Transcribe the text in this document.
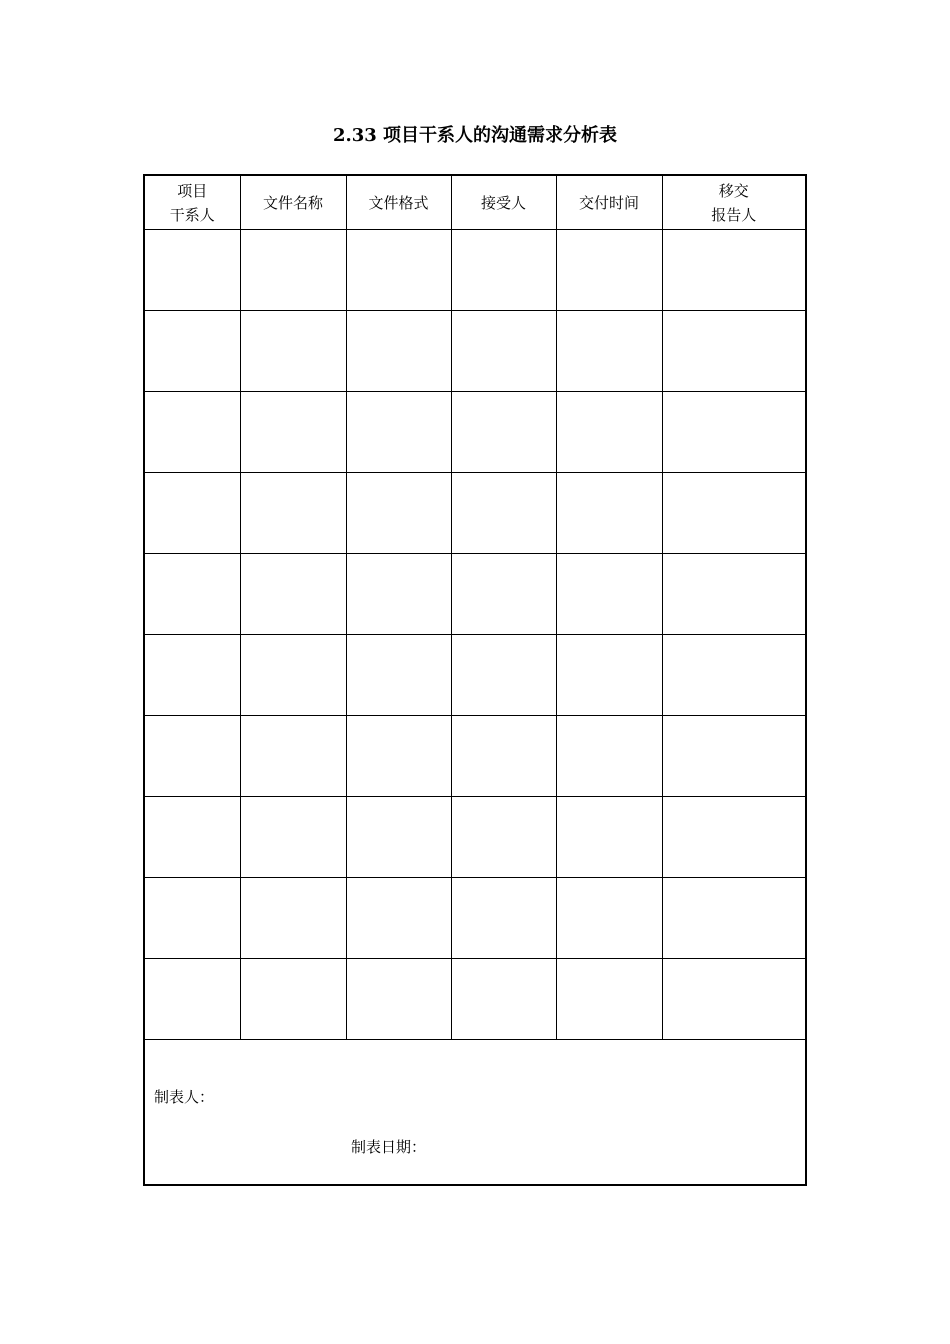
2.33 项目干系人的沟通需求分析表
项目
干系人	文件名称	文件格式	接受人	交付时间	移交
报告人

制表人：
制表日期：					
